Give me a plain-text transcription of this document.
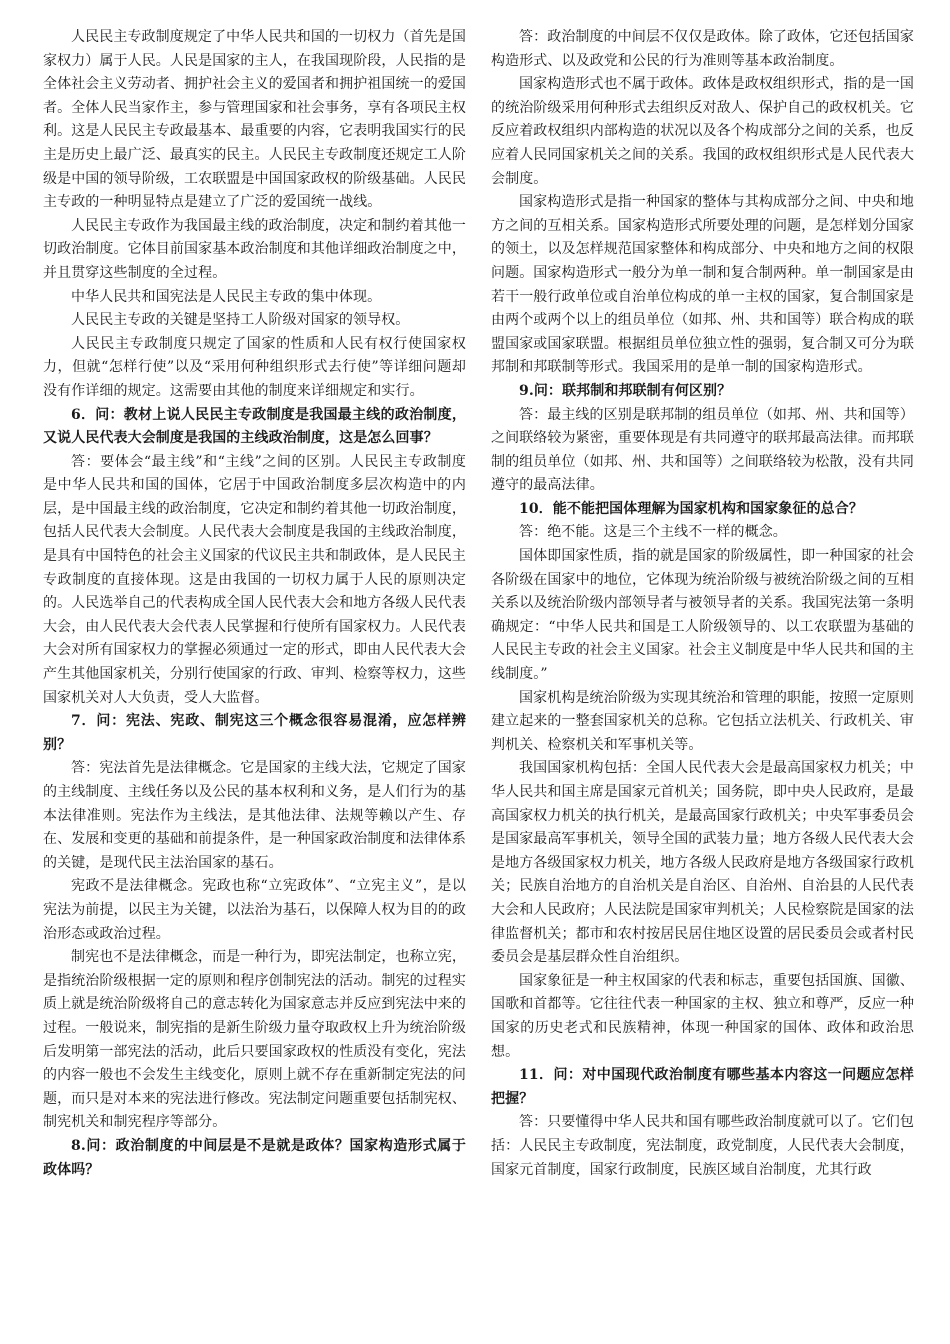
人民民主专政制度规定了中华人民共和国的一切权力（首先是国家权力）属于人民。人民是国家的主人，在我国现阶段，人民指的是全体社会主义劳动者、拥护社会主义的爱国者和拥护祖国统一的爱国者。全体人民当家作主，参与管理国家和社会事务，享有各项民主权利。这是人民民主专政最基本、最重要的内容，它表明我国实行的民主是历史上最广泛、最真实的民主。人民民主专政制度还规定工人阶级是中国的领导阶级，工农联盟是中国国家政权的阶级基础。人民民主专政的一种明显特点是建立了广泛的爱国统一战线。

人民民主专政作为我国最主线的政治制度，决定和制约着其他一切政治制度。它体目前国家基本政治制度和其他详细政治制度之中，并且贯穿这些制度的全过程。

中华人民共和国宪法是人民民主专政的集中体现。

人民民主专政的关键是坚持工人阶级对国家的领导权。

人民民主专政制度只规定了国家的性质和人民有权行使国家权力，但就“怎样行使”以及“采用何种组织形式去行使”等详细问题却没有作详细的规定。这需要由其他的制度来详细规定和实行。

6．问：教材上说人民民主专政制度是我国最主线的政治制度，又说人民代表大会制度是我国的主线政治制度，这是怎么回事？

答：要体会“最主线”和“主线”之间的区别。人民民主专政制度是中华人民共和国的国体，它居于中国政治制度多层次构造中的内层，是中国最主线的政治制度，它决定和制约着其他一切政治制度，包括人民代表大会制度。人民代表大会制度是我国的主线政治制度，是具有中国特色的社会主义国家的代议民主共和制政体，是人民民主专政制度的直接体现。这是由我国的一切权力属于人民的原则决定的。人民选举自己的代表构成全国人民代表大会和地方各级人民代表大会，由人民代表大会代表人民掌握和行使所有国家权力。人民代表大会对所有国家权力的掌握必须通过一定的形式，即由人民代表大会产生其他国家机关，分别行使国家的行政、审判、检察等权力，这些国家机关对人大负责，受人大监督。

7．问：宪法、宪政、制宪这三个概念很容易混淆，应怎样辨别？

答：宪法首先是法律概念。它是国家的主线大法，它规定了国家的主线制度、主线任务以及公民的基本权利和义务，是人们行为的基本法律准则。宪法作为主线法，是其他法律、法规等赖以产生、存在、发展和变更的基础和前提条件，是一种国家政治制度和法律体系的关键，是现代民主法治国家的基石。

宪政不是法律概念。宪政也称“立宪政体”、“立宪主义”，是以宪法为前提，以民主为关键，以法治为基石，以保障人权为目的的政治形态或政治过程。

制宪也不是法律概念，而是一种行为，即宪法制定，也称立宪，是指统治阶级根据一定的原则和程序创制宪法的活动。制宪的过程实质上就是统治阶级将自己的意志转化为国家意志并反应到宪法中来的过程。一般说来，制宪指的是新生阶级力量夺取政权上升为统治阶级后发明第一部宪法的活动，此后只要国家政权的性质没有变化，宪法的内容一般也不会发生主线变化，原则上就不存在重新制定宪法的问题，而只是对本来的宪法进行修改。宪法制定问题重要包括制宪权、制宪机关和制宪程序等部分。

8.问：政治制度的中间层是不是就是政体？国家构造形式属于政体吗？

答：政治制度的中间层不仅仅是政体。除了政体，它还包括国家构造形式、以及政党和公民的行为准则等基本政治制度。

国家构造形式也不属于政体。政体是政权组织形式，指的是一国的统治阶级采用何种形式去组织反对敌人、保护自己的政权机关。它反应着政权组织内部构造的状况以及各个构成部分之间的关系，也反应着人民同国家机关之间的关系。我国的政权组织形式是人民代表大会制度。

国家构造形式是指一种国家的整体与其构成部分之间、中央和地方之间的互相关系。国家构造形式所要处理的问题，是怎样划分国家的领土，以及怎样规范国家整体和构成部分、中央和地方之间的权限问题。国家构造形式一般分为单一制和复合制两种。单一制国家是由若干一般行政单位或自治单位构成的单一主权的国家，复合制国家是由两个或两个以上的组员单位（如邦、州、共和国等）联合构成的联盟国家或国家联盟。根据组员单位独立性的强弱，复合制又可分为联邦制和邦联制等形式。我国采用的是单一制的国家构造形式。

9.问：联邦制和邦联制有何区别？

答：最主线的区别是联邦制的组员单位（如邦、州、共和国等）之间联络较为紧密，重要体现是有共同遵守的联邦最高法律。而邦联制的组员单位（如邦、州、共和国等）之间联络较为松散，没有共同遵守的最高法律。

10．能不能把国体理解为国家机构和国家象征的总合？

答：绝不能。这是三个主线不一样的概念。

国体即国家性质，指的就是国家的阶级属性，即一种国家的社会各阶级在国家中的地位，它体现为统治阶级与被统治阶级之间的互相关系以及统治阶级内部领导者与被领导者的关系。我国宪法第一条明确规定：“中华人民共和国是工人阶级领导的、以工农联盟为基础的人民民主专政的社会主义国家。社会主义制度是中华人民共和国的主线制度。”

国家机构是统治阶级为实现其统治和管理的职能，按照一定原则建立起来的一整套国家机关的总称。它包括立法机关、行政机关、审判机关、检察机关和军事机关等。

我国国家机构包括：全国人民代表大会是最高国家权力机关；中华人民共和国主席是国家元首机关；国务院，即中央人民政府，是最高国家权力机关的执行机关，是最高国家行政机关；中央军事委员会是国家最高军事机关，领导全国的武装力量；地方各级人民代表大会是地方各级国家权力机关，地方各级人民政府是地方各级国家行政机关；民族自治地方的自治机关是自治区、自治州、自治县的人民代表大会和人民政府；人民法院是国家审判机关；人民检察院是国家的法律监督机关；都市和农村按居民居住地区设置的居民委员会或者村民委员会是基层群众性自治组织。

国家象征是一种主权国家的代表和标志，重要包括国旗、国徽、国歌和首都等。它往往代表一种国家的主权、独立和尊严，反应一种国家的历史老式和民族精神，体现一种国家的国体、政体和政治思想。

11．问：对中国现代政治制度有哪些基本内容这一问题应怎样把握？

答：只要懂得中华人民共和国有哪些政治制度就可以了。它们包括：人民民主专政制度，宪法制度，政党制度，人民代表大会制度，国家元首制度，国家行政制度，民族区域自治制度，尤其行政
